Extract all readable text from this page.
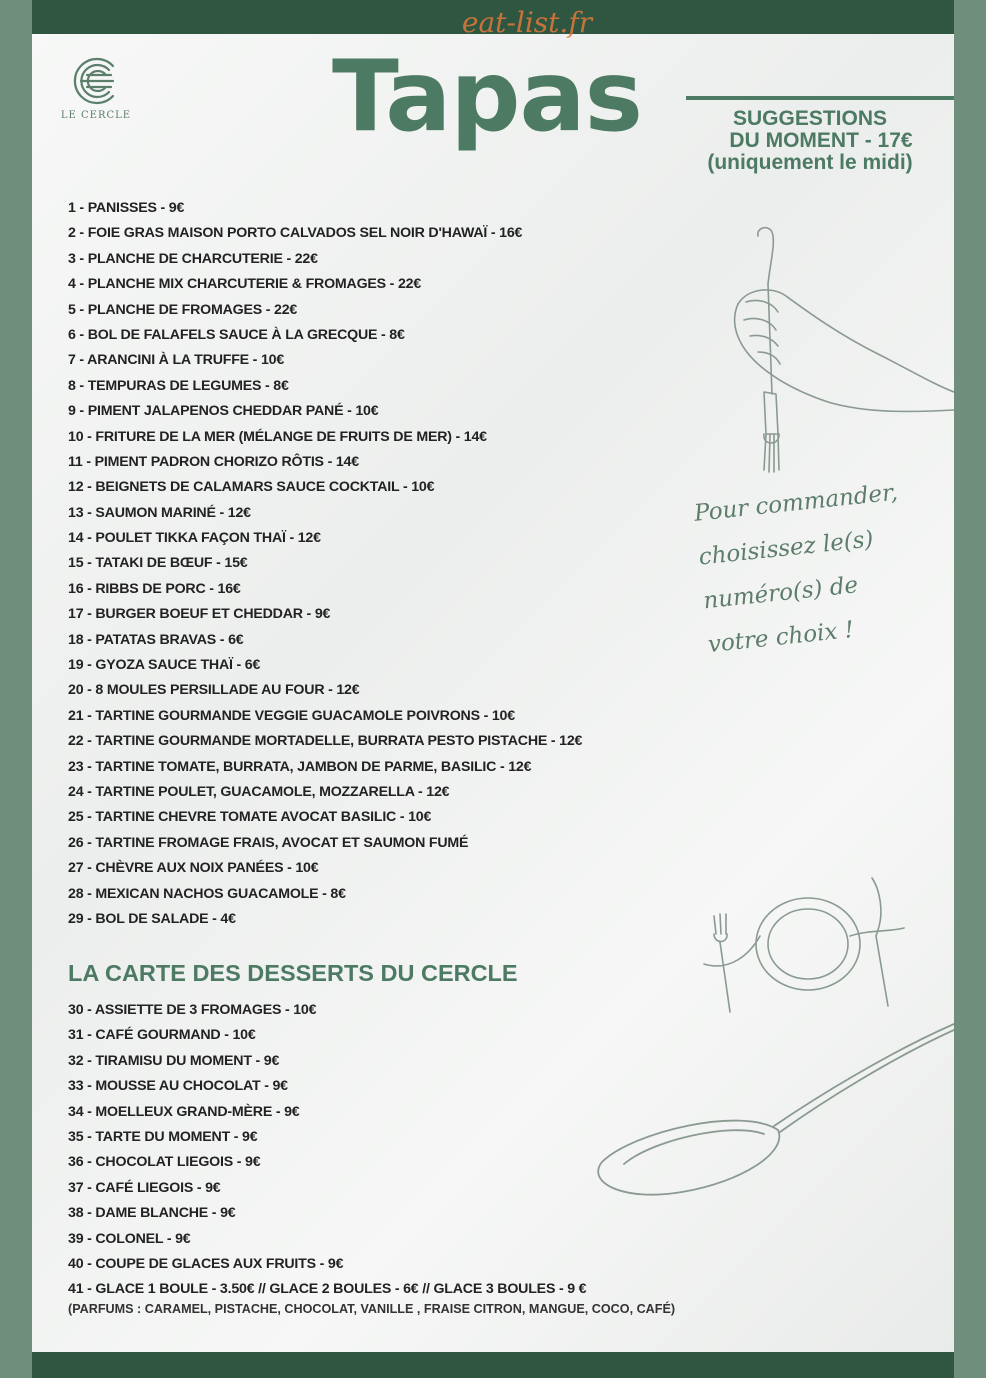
eat-list.fr
LE CERCLE Tapas	SUGGESTIONS
DU MOMENT - 17€
(uniquement le midi)
1 - PANISSES - 9€
2 - FOIE GRAS MAISON PORTO CALVADOS SEL NOIR D'HAWAÏ - 16€
3 - PLANCHE DE CHARCUTERIE - 22€
4 - PLANCHE MIX CHARCUTERIE & FROMAGES - 22€
5 - PLANCHE DE FROMAGES - 22€
6 - BOL DE FALAFELS SAUCE À LA GRECQUE - 8€
7 - ARANCINI À LA TRUFFE - 10€
8 - TEMPURAS DE LEGUMES - 8€
9 - PIMENT JALAPENOS CHEDDAR PANÉ - 10€
10 - FRITURE DE LA MER (MÉLANGE DE FRUITS DE MER) - 14€
11 - PIMENT PADRON CHORIZO RÔTIS - 14€
12 - BEIGNETS DE CALAMARS SAUCE COCKTAIL - 10€
13 - SAUMON MARINÉ - 12€
14 - POULET TIKKA FAÇON THAÏ - 12€
15 - TATAKI DE BŒUF - 15€
16 - RIBBS DE PORC - 16€
17 - BURGER BOEUF ET CHEDDAR - 9€
18 - PATATAS BRAVAS - 6€
19 - GYOZA SAUCE THAÏ - 6€
20 - 8 MOULES PERSILLADE AU FOUR - 12€
21 - TARTINE GOURMANDE VEGGIE GUACAMOLE POIVRONS - 10€
22 - TARTINE GOURMANDE MORTADELLE, BURRATA PESTO PISTACHE - 12€
23 - TARTINE TOMATE, BURRATA, JAMBON DE PARME, BASILIC - 12€
24 - TARTINE POULET, GUACAMOLE, MOZZARELLA - 12€
25 - TARTINE CHEVRE TOMATE AVOCAT BASILIC - 10€
26 - TARTINE FROMAGE FRAIS, AVOCAT ET SAUMON FUMÉ
27 - CHÈVRE AUX NOIX PANÉES - 10€
28 - MEXICAN NACHOS GUACAMOLE - 8€
29 - BOL DE SALADE - 4€
LA CARTE DES DESSERTS DU CERCLE
30 - ASSIETTE DE 3 FROMAGES - 10€
31 - CAFÉ GOURMAND - 10€
32 - TIRAMISU DU MOMENT - 9€
33 - MOUSSE AU CHOCOLAT - 9€
34 - MOELLEUX GRAND-MÈRE - 9€
35 - TARTE DU MOMENT - 9€
36 - CHOCOLAT LIEGOIS - 9€
37 - CAFÉ LIEGOIS - 9€
38 - DAME BLANCHE - 9€
39 - COLONEL - 9€
40 - COUPE DE GLACES AUX FRUITS - 9€
41 - GLACE 1 BOULE - 3.50€ // GLACE 2 BOULES - 6€ // GLACE 3 BOULES - 9 €
(PARFUMS : CARAMEL, PISTACHE, CHOCOLAT, VANILLE , FRAISE CITRON, MANGUE, COCO, CAFÉ)
Pour commander,
choisissez le(s)
numéro(s) de
votre choix !
